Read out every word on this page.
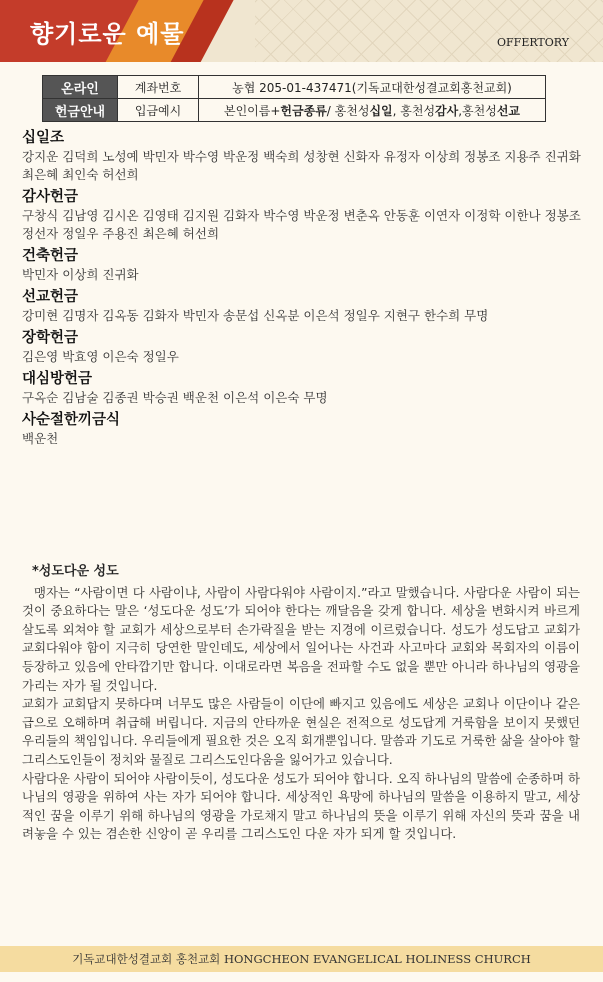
향기로운 예물	OFFERTORY
온라인	계좌번호	농협 205-01-437471(기독교대한성결교회홍천교회)
헌금안내	입금예시	본인이름+헌금종류/ 홍천성십일, 홍천성감사,홍천성선교
십일조
강지운 김덕희 노성예 박민자 박수영 박운정 백숙희 성창현 신화자 유정자 이상희 정봉조 지용주 진귀화 최은혜 최인숙 허선희
감사헌금
구창식 김남영 김시온 김영태 김지원 김화자 박수영 박운정 변춘옥 안동훈 이연자 이정학 이한나 정봉조 정선자 정일우 주용진 최은혜 허선희
건축헌금
박민자 이상희 진귀화
선교헌금
강미현 김명자 김옥동 김화자 박민자 송문섭 신옥분 이은석 정일우 지현구 한수희 무명
장학헌금
김은영 박효영 이은숙 정일우
대심방헌금
구옥순 김남술 김종권 박승권 백운천 이은석 이은숙 무명
사순절한끼금식
백운천
*성도다운 성도

맹자는 “사람이면 다 사람이냐, 사람이 사람다워야 사람이지.”라고 말했습니다. 사람다운 사람이 되는 것이 중요하다는 말은 ‘성도다운 성도’가 되어야 한다는 깨달음을 갖게 합니다. 세상을 변화시켜 바르게 살도록 외쳐야 할 교회가 세상으로부터 손가락질을 받는 지경에 이르렀습니다. 성도가 성도답고 교회가 교회다워야 함이 지극히 당연한 말인데도, 세상에서 일어나는 사건과 사고마다 교회와 목회자의 이름이 등장하고 있음에 안타깝기만 합니다. 이대로라면 복음을 전파할 수도 없을 뿐만 아니라 하나님의 영광을 가리는 자가 될 것입니다.

교회가 교회답지 못하다며 너무도 많은 사람들이 이단에 빠지고 있음에도 세상은 교회나 이단이나 같은 급으로 오해하며 취급해 버립니다. 지금의 안타까운 현실은 전적으로 성도답게 거룩함을 보이지 못했던 우리들의 책임입니다. 우리들에게 필요한 것은 오직 회개뿐입니다. 말씀과 기도로 거룩한 삶을 살아야 할 그리스도인들이 정치와 물질로 그리스도인다움을 잃어가고 있습니다.

사람다운 사람이 되어야 사람이듯이, 성도다운 성도가 되어야 합니다. 오직 하나님의 말씀에 순종하며 하나님의 영광을 위하여 사는 자가 되어야 합니다. 세상적인 욕망에 하나님의 말씀을 이용하지 말고, 세상적인 꿈을 이루기 위해 하나님의 영광을 가로채지 말고 하나님의 뜻을 이루기 위해 자신의 뜻과 꿈을 내려놓을 수 있는 겸손한 신앙이 곧 우리를 그리스도인 다운 자가 되게 할 것입니다.

기독교대한성결교회 홍천교회 HONGCHEON EVANGELICAL HOLINESS CHURCH
